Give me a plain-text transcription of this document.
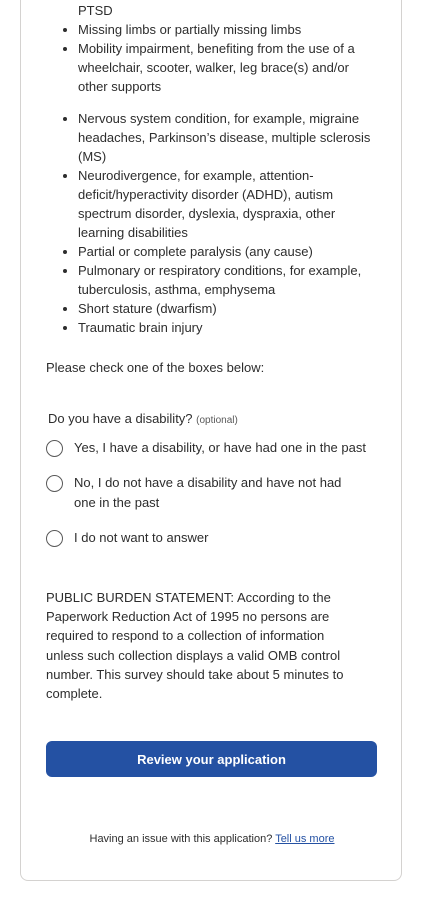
• PTSD
• Missing limbs or partially missing limbs
• Mobility impairment, benefiting from the use of a wheelchair, scooter, walker, leg brace(s) and/or other supports
• Nervous system condition, for example, migraine headaches, Parkinson’s disease, multiple sclerosis (MS)
• Neurodivergence, for example, attention-deficit/hyperactivity disorder (ADHD), autism spectrum disorder, dyslexia, dyspraxia, other learning disabilities
• Partial or complete paralysis (any cause)
• Pulmonary or respiratory conditions, for example, tuberculosis, asthma, emphysema
• Short stature (dwarfism)
• Traumatic brain injury
Please check one of the boxes below:
Do you have a disability? (optional)
Yes, I have a disability, or have had one in the past
No, I do not have a disability and have not had one in the past
I do not want to answer
PUBLIC BURDEN STATEMENT: According to the Paperwork Reduction Act of 1995 no persons are required to respond to a collection of information unless such collection displays a valid OMB control number. This survey should take about 5 minutes to complete.
Review your application
Having an issue with this application? Tell us more
